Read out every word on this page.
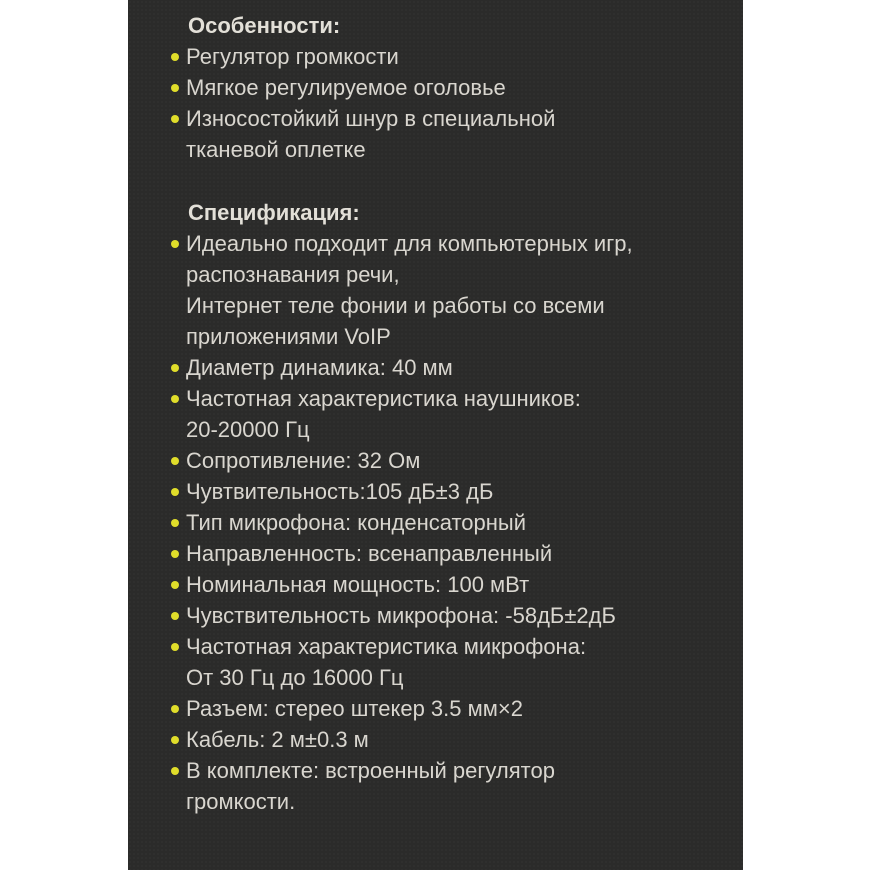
Особенности:
Регулятор громкости
Мягкое регулируемое оголовье
Износостойкий шнур в специальной
тканевой оплетке
Спецификация:
Идеально подходит для компьютерных игр,
распознавания речи,
Интернет теле фонии и работы со всеми
приложениями VoIP
Диаметр динамика: 40 мм
Частотная характеристика наушников:
20-20000 Гц
Сопротивление: 32 Ом
Чувтвительность:105 дБ±3 дБ
Тип микрофона: конденсаторный
Направленность: всенаправленный
Номинальная мощность: 100 мВт
Чувствительность микрофона: -58дБ±2дБ
Частотная характеристика микрофона:
От 30 Гц до 16000 Гц
Разъем: стерео штекер 3.5 мм×2
Кабель: 2 м±0.3 м
В комплекте: встроенный регулятор
громкости.
